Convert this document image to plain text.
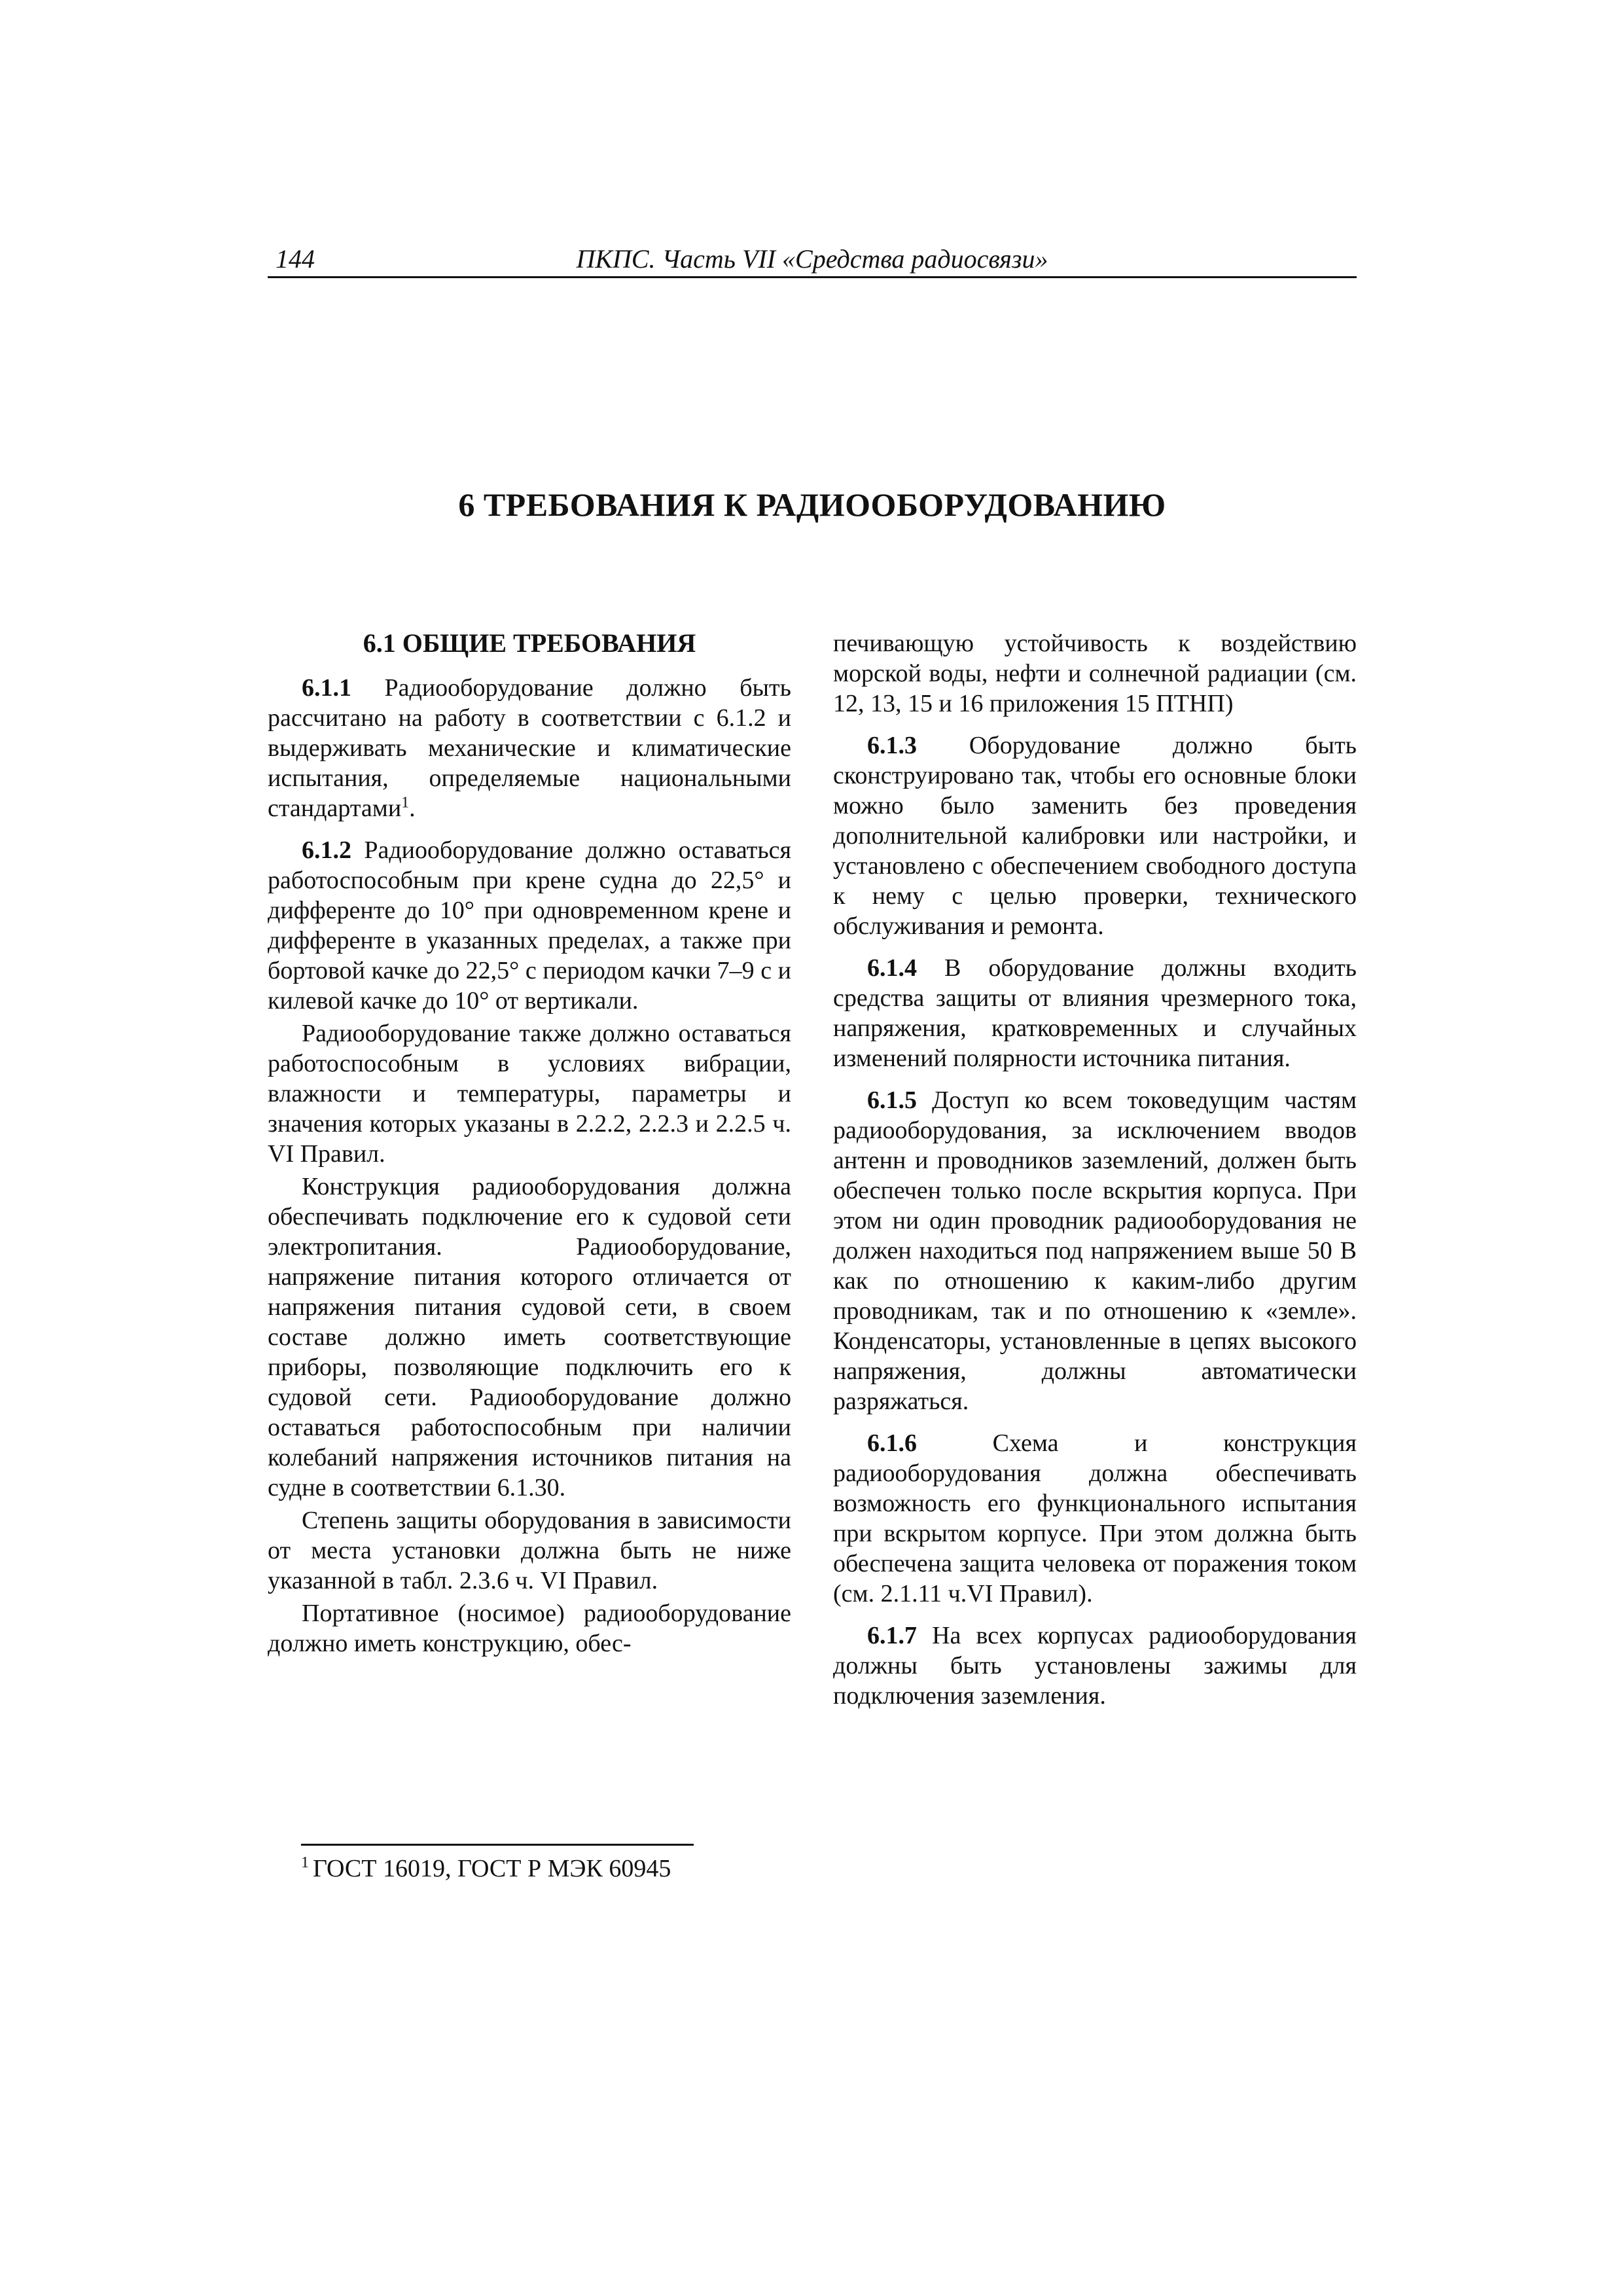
144	ПКПС. Часть VII «Средства радиосвязи»
6 ТРЕБОВАНИЯ К РАДИООБОРУДОВАНИЮ
6.1 ОБЩИЕ ТРЕБОВАНИЯ

6.1.1 Радиооборудование должно быть рассчитано на работу в соответствии с 6.1.2 и выдерживать механические и климатические испытания, определяемые национальными стандартами$^1$.

6.1.2 Радиооборудование должно оставаться работоспособным при крене судна до 22,5° и дифференте до 10° при одновременном крене и дифференте в указанных пределах, а также при бортовой качке до 22,5° с периодом качки 7–9 с и килевой качке до 10° от вертикали.

Радиооборудование также должно оставаться работоспособным в условиях вибрации, влажности и температуры, параметры и значения которых указаны в 2.2.2, 2.2.3 и 2.2.5 ч. VI Правил.

Конструкция радиооборудования должна обеспечивать подключение его к судовой сети электропитания. Радиооборудование, напряжение питания которого отличается от напряжения питания судовой сети, в своем составе должно иметь соответствующие приборы, позволяющие подключить его к судовой сети. Радиооборудование должно оставаться работоспособным при наличии колебаний напряжения источников питания на судне в соответствии 6.1.30.

Степень защиты оборудования в зависимости от места установки должна быть не ниже указанной в табл. 2.3.6 ч. VI Правил.

Портативное (носимое) радиооборудование должно иметь конструкцию, обес-

печивающую устойчивость к воздействию морской воды, нефти и солнечной радиации (см. 12, 13, 15 и 16 приложения 15 ПТНП)

6.1.3 Оборудование должно быть сконструировано так, чтобы его основные блоки можно было заменить без проведения дополнительной калибровки или настройки, и установлено с обеспечением свободного доступа к нему с целью проверки, технического обслуживания и ремонта.

6.1.4 В оборудование должны входить средства защиты от влияния чрезмерного тока, напряжения, кратковременных и случайных изменений полярности источника питания.

6.1.5 Доступ ко всем токоведущим частям радиооборудования, за исключением вводов антенн и проводников заземлений, должен быть обеспечен только после вскрытия корпуса. При этом ни один проводник радиооборудования не должен находиться под напряжением выше 50 В как по отношению к каким-либо другим проводникам, так и по отношению к «земле». Конденсаторы, установленные в цепях высокого напряжения, должны автоматически разряжаться.

6.1.6 Схема и конструкция радиооборудования должна обеспечивать возможность его функционального испытания при вскрытом корпусе. При этом должна быть обеспечена защита человека от поражения током (см. 2.1.11 ч.VI Правил).

6.1.7 На всех корпусах радиооборудования должны быть установлены зажимы для подключения заземления.

$^1$ ГОСТ 16019, ГОСТ Р МЭК 60945
